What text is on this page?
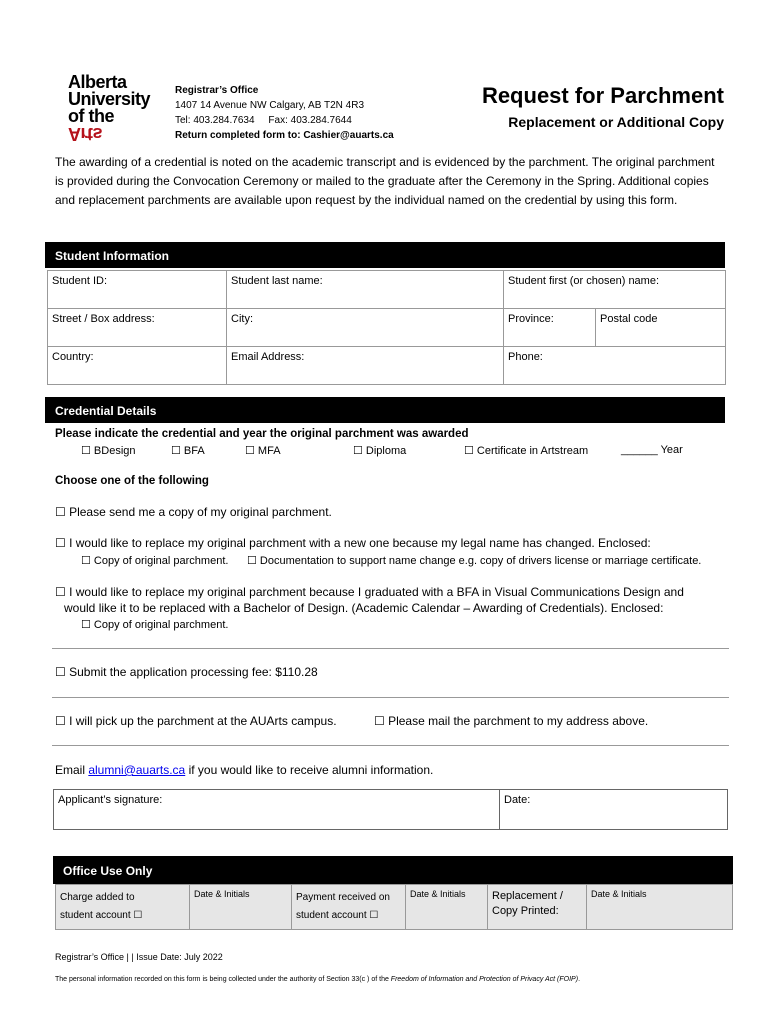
Alberta
University
of the
Arts
Registrar’s Office
1407 14 Avenue NW Calgary, AB T2N 4R3
Tel: 403.284.7634     Fax: 403.284.7644
Return completed form to: Cashier@auarts.ca
Request for Parchment
Replacement or Additional Copy
The awarding of a credential is noted on the academic transcript and is evidenced by the parchment. The original parchment is provided during the Convocation Ceremony or mailed to the graduate after the Ceremony in the Spring. Additional copies and replacement parchments are available upon request by the individual named on the credential by using this form.
Student Information
Student ID:	Student last name:	Student first (or chosen) name:	
Street / Box address:	City:	Province:	Postal code
Country:	Email Address:	Phone:	
Credential Details
Please indicate the credential and year the original parchment was awarded
☐ BDesign	☐ BFA	☐ MFA	☐ Diploma	☐ Certificate in Artstream	______ Year
Choose one of the following
☐ Please send me a copy of my original parchment.
☐ I would like to replace my original parchment with a new one because my legal name has changed. Enclosed:
☐ Copy of original parchment. ☐ Documentation to support name change e.g. copy of drivers license or marriage certificate.
☐ I would like to replace my original parchment because I graduated with a BFA in Visual Communications Design and
would like it to be replaced with a Bachelor of Design. (Academic Calendar – Awarding of Credentials). Enclosed:
☐ Copy of original parchment.
☐ Submit the application processing fee: $110.28
☐ I will pick up the parchment at the AUArts campus.	☐ Please mail the parchment to my address above.
Email alumni@auarts.ca if you would like to receive alumni information.
Applicant’s signature:	Date:
Office Use Only
Charge added to
student account ☐
	Date & Initials	Payment received on
student account ☐
	Date & Initials	Replacement /
Copy Printed:
	Date & Initials
Registrar’s Office | | Issue Date: July 2022
The personal information recorded on this form is being collected under the authority of Section 33(c ) of the Freedom of Information and Protection of Privacy Act (FOIP).
